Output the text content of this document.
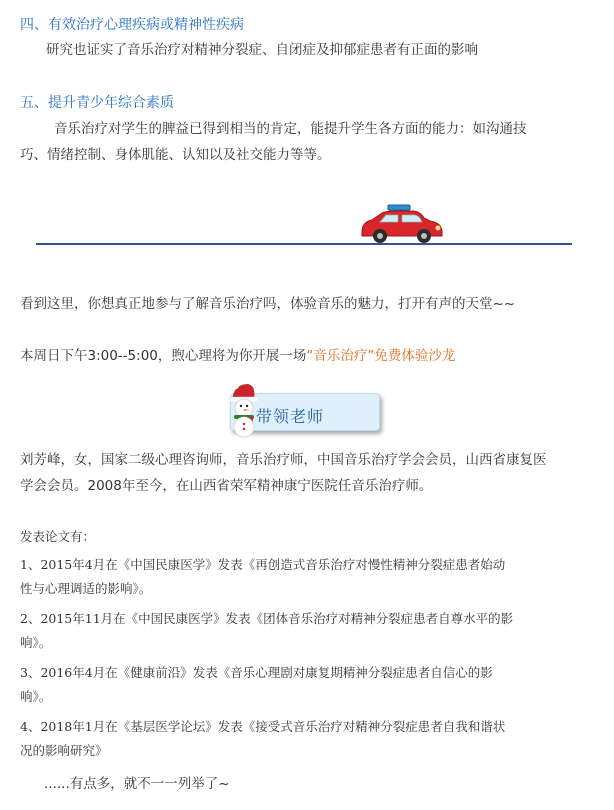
四、有效治疗心理疾病或精神性疾病
研究也证实了音乐治疗对精神分裂症、自闭症及抑郁症患者有正面的影响
五、提升青少年综合素质
音乐治疗对学生的脾益已得到相当的肯定，能提升学生各方面的能力：如沟通技
巧、情绪控制、身体肌能、认知以及社交能力等等。
看到这里，你想真正地参与了解音乐治疗吗，体验音乐的魅力，打开有声的天堂~~
本周日下午3:00--5:00，煦心理将为你开展一场“音乐治疗”免费体验沙龙
带领老师
刘芳峰，女，国家二级心理咨询师，音乐治疗师，中国音乐治疗学会会员，山西省康复医
学会会员。2008年至今，在山西省荣军精神康宁医院任音乐治疗师。
发表论文有：
1、2015年4月在《中国民康医学》发表《再创造式音乐治疗对慢性精神分裂症患者始动
性与心理调适的影响》。
2、2015年11月在《中国民康医学》发表《团体音乐治疗对精神分裂症患者自尊水平的影
响》。
3、2016年4月在《健康前沿》发表《音乐心理剧对康复期精神分裂症患者自信心的影
响》。
4、2018年1月在《基层医学论坛》发表《接受式音乐治疗对精神分裂症患者自我和谐状
况的影响研究》
......有点多，就不一一列举了~
